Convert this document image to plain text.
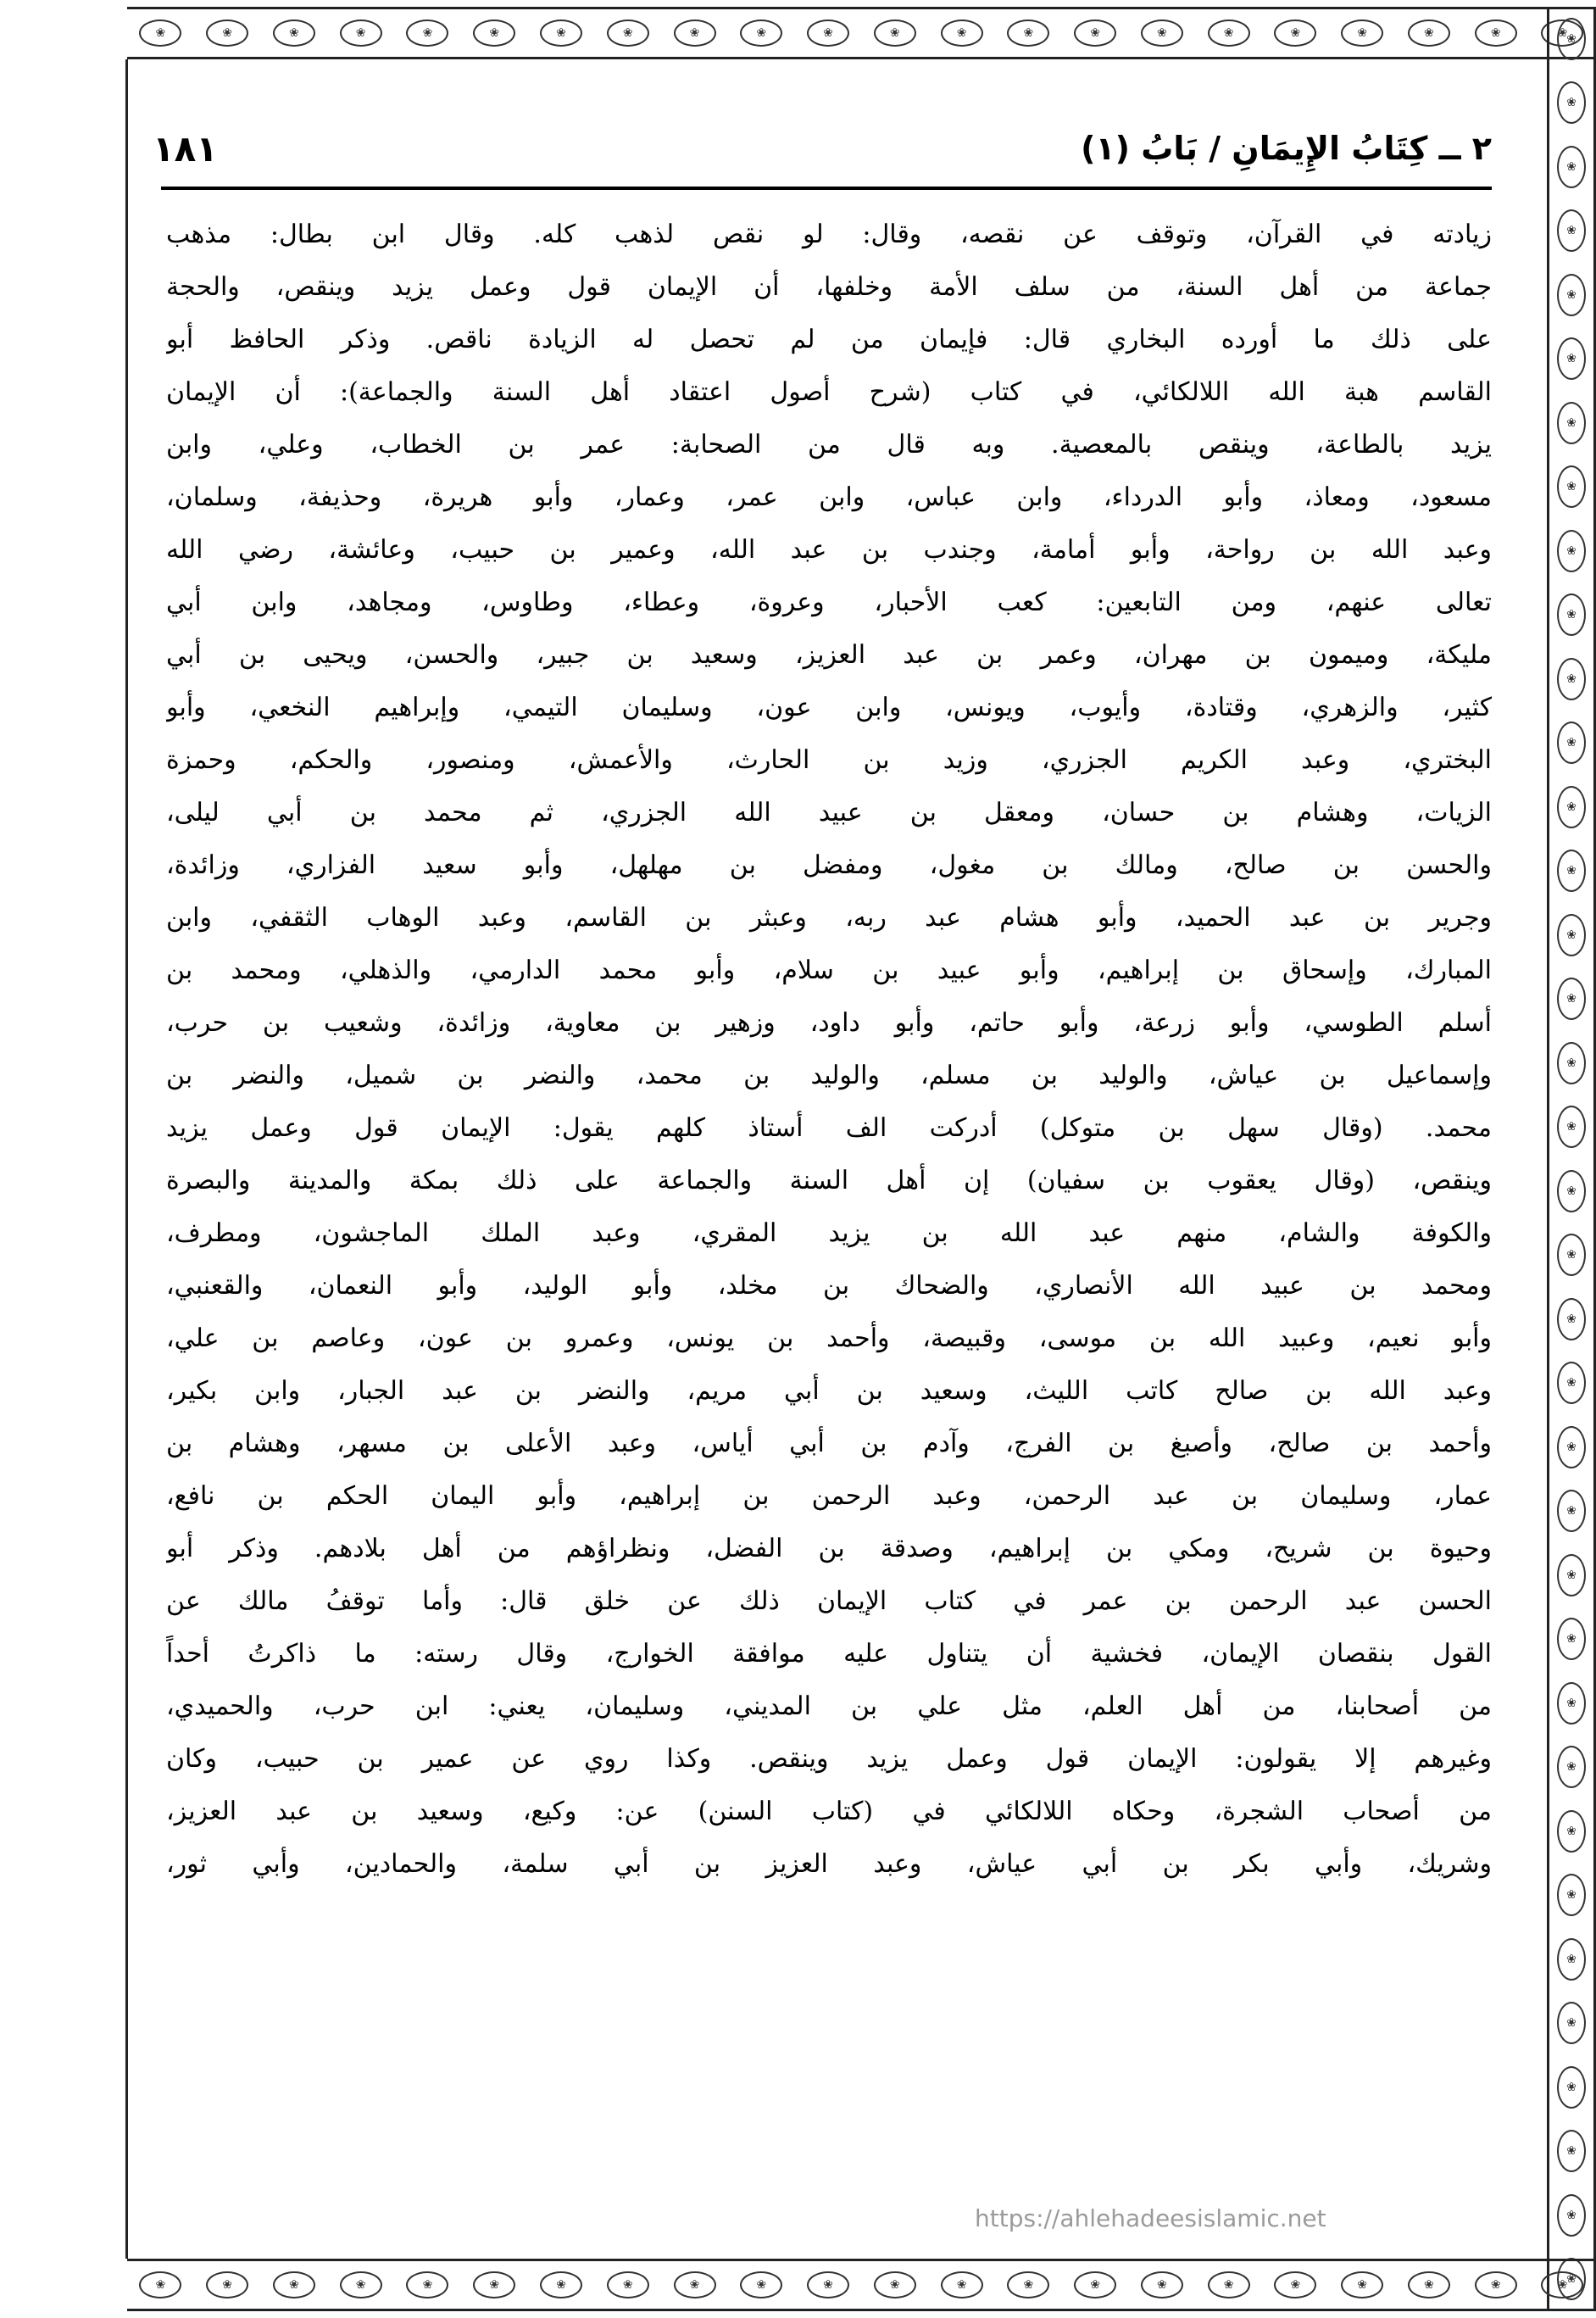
❀	❀	❀	❀	❀	❀	❀	❀	❀	❀	❀	❀	❀	❀	❀	❀	❀	❀	❀	❀	❀	❀
❀
❀
❀
❀
❀
❀
❀
❀
❀
❀
❀
❀
❀
❀
❀
❀
❀
❀
❀
❀
❀
❀
❀
❀
❀
❀
❀
❀
❀
❀
❀
❀
❀
❀
❀
❀
٢ ــ كِتَابُ الإِيمَانِ / بَابُ (١)
١٨١
زيادته في القرآن، وتوقف عن نقصه، وقال: لو نقص لذهب كله. وقال ابن بطال: مذهب
جماعة من أهل السنة، من سلف الأمة وخلفها، أن الإيمان قول وعمل يزيد وينقص، والحجة
على ذلك ما أورده البخاري قال: فإيمان من لم تحصل له الزيادة ناقص. وذكر الحافظ أبو
القاسم هبة الله اللالكائي، في كتاب (شرح أصول اعتقاد أهل السنة والجماعة): أن الإيمان
يزيد بالطاعة، وينقص بالمعصية. وبه قال من الصحابة: عمر بن الخطاب، وعلي، وابن
مسعود، ومعاذ، وأبو الدرداء، وابن عباس، وابن عمر، وعمار، وأبو هريرة، وحذيفة، وسلمان،
وعبد الله بن رواحة، وأبو أمامة، وجندب بن عبد الله، وعمير بن حبيب، وعائشة، رضي الله
تعالى عنهم، ومن التابعين: كعب الأحبار، وعروة، وعطاء، وطاوس، ومجاهد، وابن أبي
مليكة، وميمون بن مهران، وعمر بن عبد العزيز، وسعيد بن جبير، والحسن، ويحيى بن أبي
كثير، والزهري، وقتادة، وأيوب، ويونس، وابن عون، وسليمان التيمي، وإبراهيم النخعي، وأبو
البختري، وعبد الكريم الجزري، وزيد بن الحارث، والأعمش، ومنصور، والحكم، وحمزة
الزيات، وهشام بن حسان، ومعقل بن عبيد الله الجزري، ثم محمد بن أبي ليلى،
والحسن بن صالح، ومالك بن مغول، ومفضل بن مهلهل، وأبو سعيد الفزاري، وزائدة،
وجرير بن عبد الحميد، وأبو هشام عبد ربه، وعبثر بن القاسم، وعبد الوهاب الثقفي، وابن
المبارك، وإسحاق بن إبراهيم، وأبو عبيد بن سلام، وأبو محمد الدارمي، والذهلي، ومحمد بن
أسلم الطوسي، وأبو زرعة، وأبو حاتم، وأبو داود، وزهير بن معاوية، وزائدة، وشعيب بن حرب،
وإسماعيل بن عياش، والوليد بن مسلم، والوليد بن محمد، والنضر بن شميل، والنضر بن
محمد. (وقال سهل بن متوكل) أدركت الف أستاذ كلهم يقول: الإيمان قول وعمل يزيد
وينقص، (وقال يعقوب بن سفيان) إن أهل السنة والجماعة على ذلك بمكة والمدينة والبصرة
والكوفة والشام، منهم عبد الله بن يزيد المقري، وعبد الملك الماجشون، ومطرف،
ومحمد بن عبيد الله الأنصاري، والضحاك بن مخلد، وأبو الوليد، وأبو النعمان، والقعنبي،
وأبو نعيم، وعبيد الله بن موسى، وقبيصة، وأحمد بن يونس، وعمرو بن عون، وعاصم بن علي،
وعبد الله بن صالح كاتب الليث، وسعيد بن أبي مريم، والنضر بن عبد الجبار، وابن بكير،
وأحمد بن صالح، وأصبغ بن الفرج، وآدم بن أبي أياس، وعبد الأعلى بن مسهر، وهشام بن
عمار، وسليمان بن عبد الرحمن، وعبد الرحمن بن إبراهيم، وأبو اليمان الحكم بن نافع،
وحيوة بن شريح، ومكي بن إبراهيم، وصدقة بن الفضل، ونظراؤهم من أهل بلادهم. وذكر أبو
الحسن عبد الرحمن بن عمر في كتاب الإيمان ذلك عن خلق قال: وأما توقفُ مالك عن
القول بنقصان الإيمان، فخشية أن يتناول عليه موافقة الخوارج، وقال رسته: ما ذاكرتُ أحداً
من أصحابنا، من أهل العلم، مثل علي بن المديني، وسليمان، يعني: ابن حرب، والحميدي،
وغيرهم إلا يقولون: الإيمان قول وعمل يزيد وينقص. وكذا روي عن عمير بن حبيب، وكان
من أصحاب الشجرة، وحكاه اللالكائي في (كتاب السنن) عن: وكيع، وسعيد بن عبد العزيز،
وشريك، وأبي بكر بن أبي عياش، وعبد العزيز بن أبي سلمة، والحمادين، وأبي ثور،
https://ahlehadeesislamic.net
❀	❀	❀	❀	❀	❀	❀	❀	❀	❀	❀	❀	❀	❀	❀	❀	❀	❀	❀	❀	❀	❀
